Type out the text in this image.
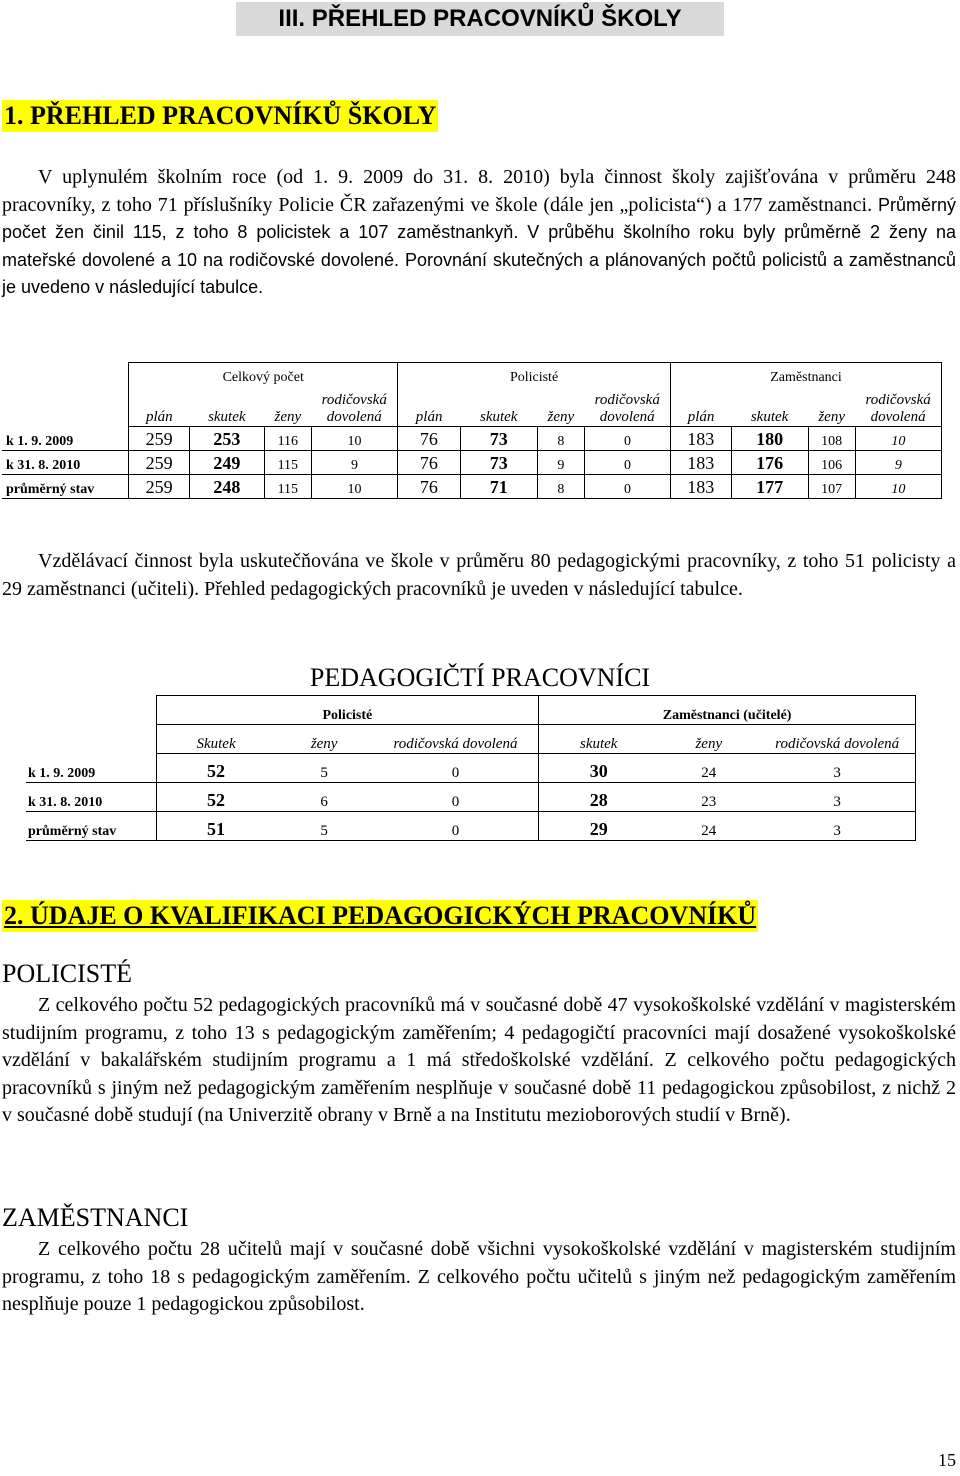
III. PŘEHLED PRACOVNÍKŮ ŠKOLY
1. PŘEHLED PRACOVNÍKŮ ŠKOLY

V uplynulém školním roce (od 1. 9. 2009 do 31. 8. 2010) byla činnost školy zajišťována v průměru 248 pracovníky, z toho 71 příslušníky Policie ČR zařazenými ve škole (dále jen „policista“) a 177 zaměstnanci. Průměrný počet žen činil 115, z toho 8 policistek a 107 zaměstnankyň. V průběhu školního roku byly průměrně 2 ženy na mateřské dovolené a 10 na rodičovské dovolené. Porovnání skutečných a plánovaných počtů policistů a zaměstnanců je uvedeno v následující tabulce.

	Celkový počet				Policisté				Zaměstnanci			
	plán	skutek	ženy	rodičovská dovolená	plán	skutek	ženy	rodičovská dovolená	plán	skutek	ženy	rodičovská dovolená
k 1. 9. 2009	259	253	116	10	76	73	8	0	183	180	108	10
k 31. 8. 2010	259	249	115	9	76	73	9	0	183	176	106	9
průměrný stav	259	248	115	10	76	71	8	0	183	177	107	10

Vzdělávací činnost byla uskutečňována ve škole v průměru 80 pedagogickými pracovníky, z toho 51 policisty a 29 zaměstnanci (učiteli). Přehled pedagogických pracovníků je uveden v následující tabulce.

PEDAGOGIČTÍ PRACOVNÍCI
	Policisté			Zaměstnanci (učitelé)		
	Skutek	ženy	rodičovská dovolená	skutek	ženy	rodičovská dovolená
k 1. 9. 2009	52	5	0	30	24	3
k 31. 8. 2010	52	6	0	28	23	3
průměrný stav	51	5	0	29	24	3
2. ÚDAJE O KVALIFIKACI PEDAGOGICKÝCH PRACOVNÍKŮ
POLICISTÉ

Z celkového počtu 52 pedagogických pracovníků má v současné době 47 vysokoškolské vzdělání v magisterském studijním programu, z toho 13 s pedagogickým zaměřením; 4 pedagogičtí pracovníci mají dosažené vysokoškolské vzdělání v bakalářském studijním programu a 1 má středoškolské vzdělání. Z celkového počtu pedagogických pracovníků s jiným než pedagogickým zaměřením nesplňuje v současné době 11 pedagogickou způsobilost, z nichž 2 v současné době studují (na Univerzitě obrany v Brně a na Institutu mezioborových studií v Brně).

ZAMĚSTNANCI

Z celkového počtu 28 učitelů mají v současné době všichni vysokoškolské vzdělání v magisterském studijním programu, z toho 18 s pedagogickým zaměřením. Z celkového počtu učitelů s jiným než pedagogickým zaměřením nesplňuje pouze 1 pedagogickou způsobilost.

15
